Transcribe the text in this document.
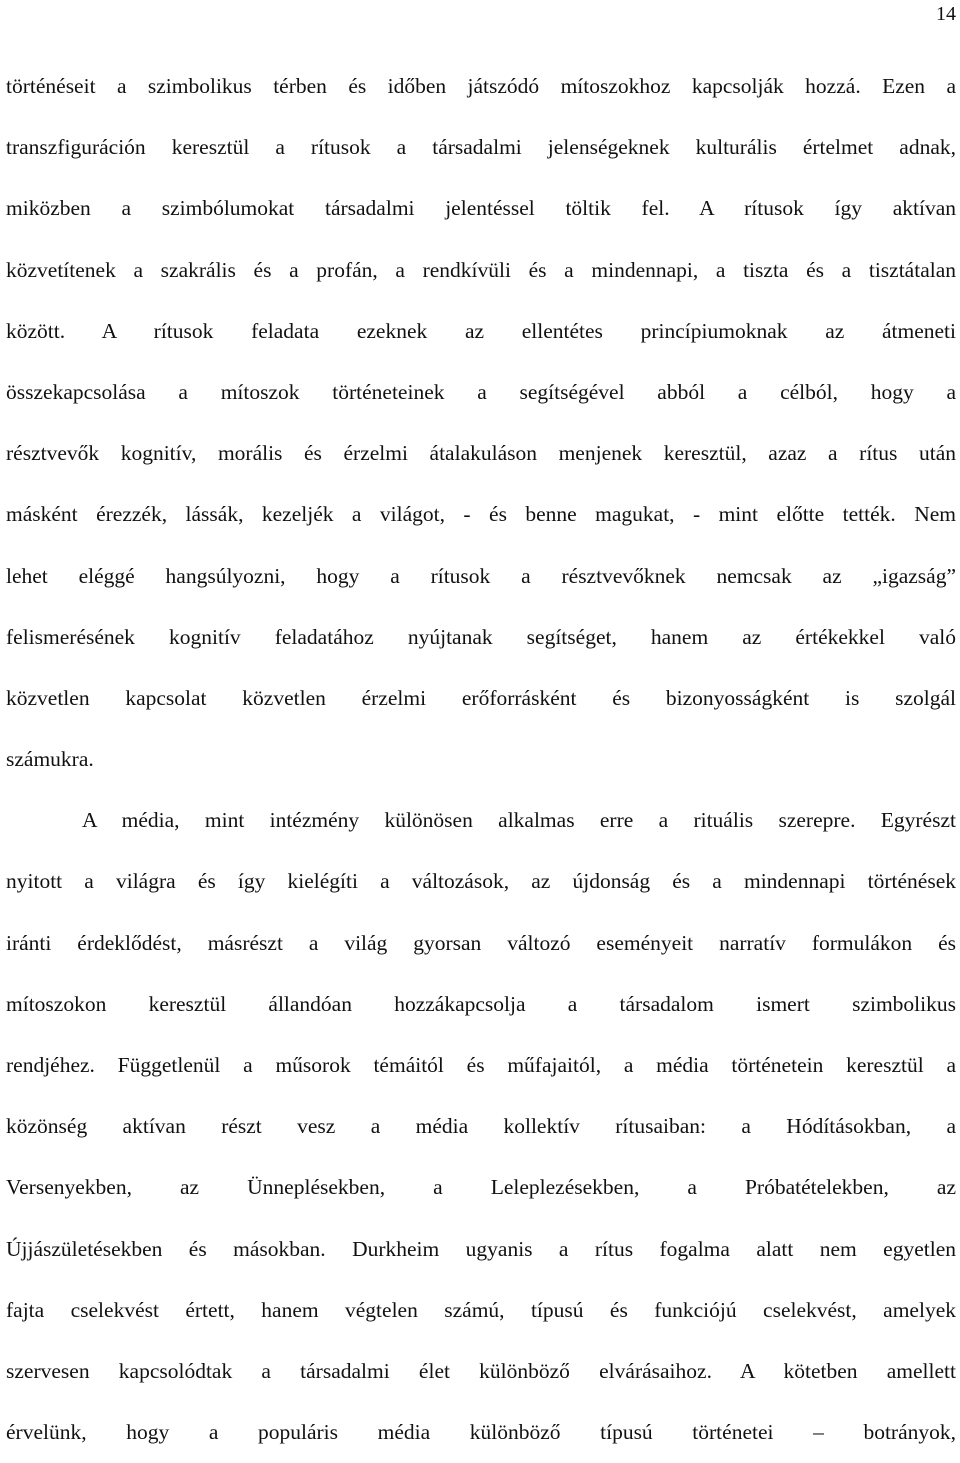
14
történéseit a szimbolikus térben és időben játszódó mítoszokhoz kapcsolják hozzá. Ezen a
transzfiguráción keresztül a rítusok a társadalmi jelenségeknek kulturális értelmet adnak,
miközben a szimbólumokat társadalmi jelentéssel töltik fel. A rítusok így aktívan
közvetítenek a szakrális és a profán, a rendkívüli és a mindennapi, a tiszta és a tisztátalan
között. A rítusok feladata ezeknek az ellentétes princípiumoknak az átmeneti
összekapcsolása a mítoszok történeteinek a segítségével abból a célból, hogy a
résztvevők kognitív, morális és érzelmi átalakuláson menjenek keresztül, azaz a rítus után
másként érezzék, lássák, kezeljék a világot, - és benne magukat, - mint előtte tették. Nem
lehet eléggé hangsúlyozni, hogy a rítusok a résztvevőknek nemcsak az „igazság”
felismerésének kognitív feladatához nyújtanak segítséget, hanem az értékekkel való
közvetlen kapcsolat közvetlen érzelmi erőforrásként és bizonyosságként is szolgál
számukra.
A média, mint intézmény különösen alkalmas erre a rituális szerepre. Egyrészt
nyitott a világra és így kielégíti a változások, az újdonság és a mindennapi történések
iránti érdeklődést, másrészt a világ gyorsan változó eseményeit narratív formulákon és
mítoszokon keresztül állandóan hozzákapcsolja a társadalom ismert szimbolikus
rendjéhez. Függetlenül a műsorok témáitól és műfajaitól, a média történetein keresztül a
közönség aktívan részt vesz a média kollektív rítusaiban: a Hódításokban, a
Versenyekben, az Ünneplésekben, a Leleplezésekben, a Próbatételekben, az
Újjászületésekben és másokban. Durkheim ugyanis a rítus fogalma alatt nem egyetlen
fajta cselekvést értett, hanem végtelen számú, típusú és funkciójú cselekvést, amelyek
szervesen kapcsolódtak a társadalmi élet különböző elvárásaihoz. A kötetben amellett
érvelünk, hogy a populáris média különböző típusú történetei – botrányok,
